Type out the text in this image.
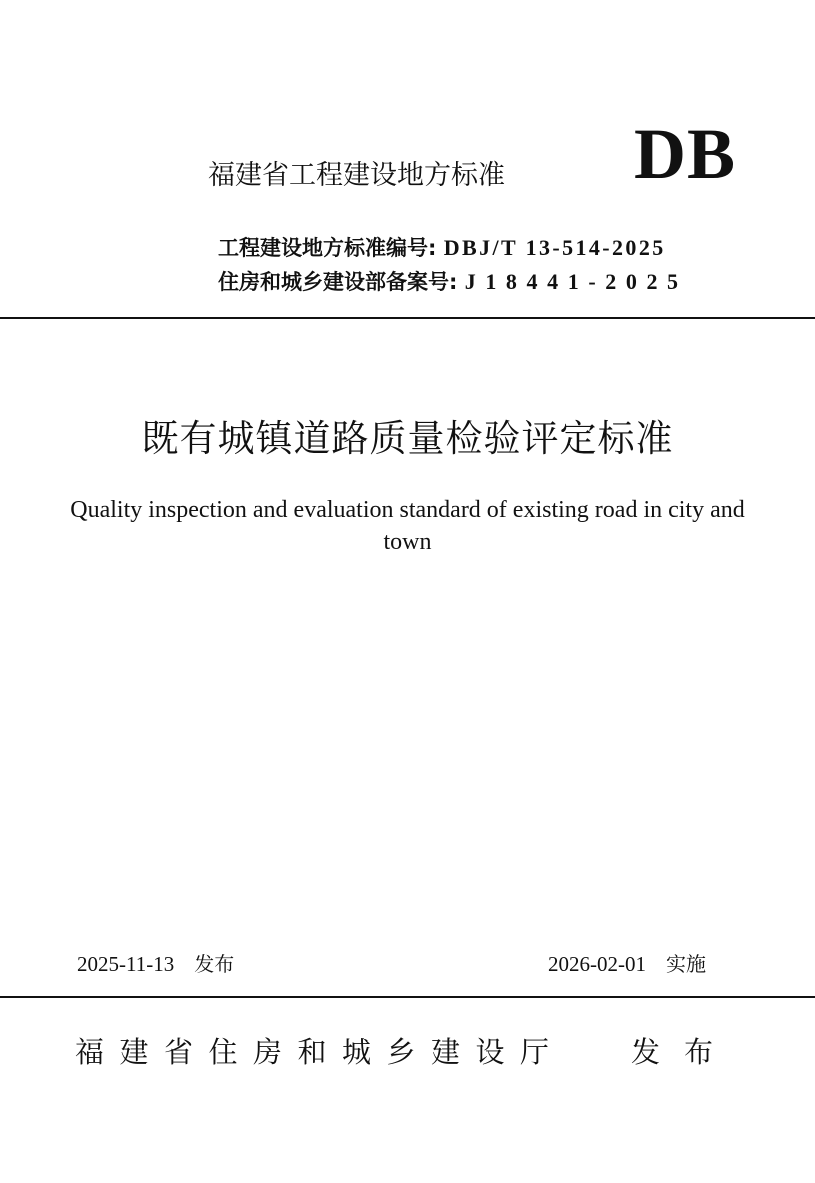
福建省工程建设地方标准 DB
工程建设地方标准编号: DBJ/T 13-514-2025
住房和城乡建设部备案号: J18441-2025
既有城镇道路质量检验评定标准
Quality inspection and evaluation standard of existing road in city and town
2025-11-13 发布	2026-02-01 实施
福建省住房和城乡建设厅 发布
